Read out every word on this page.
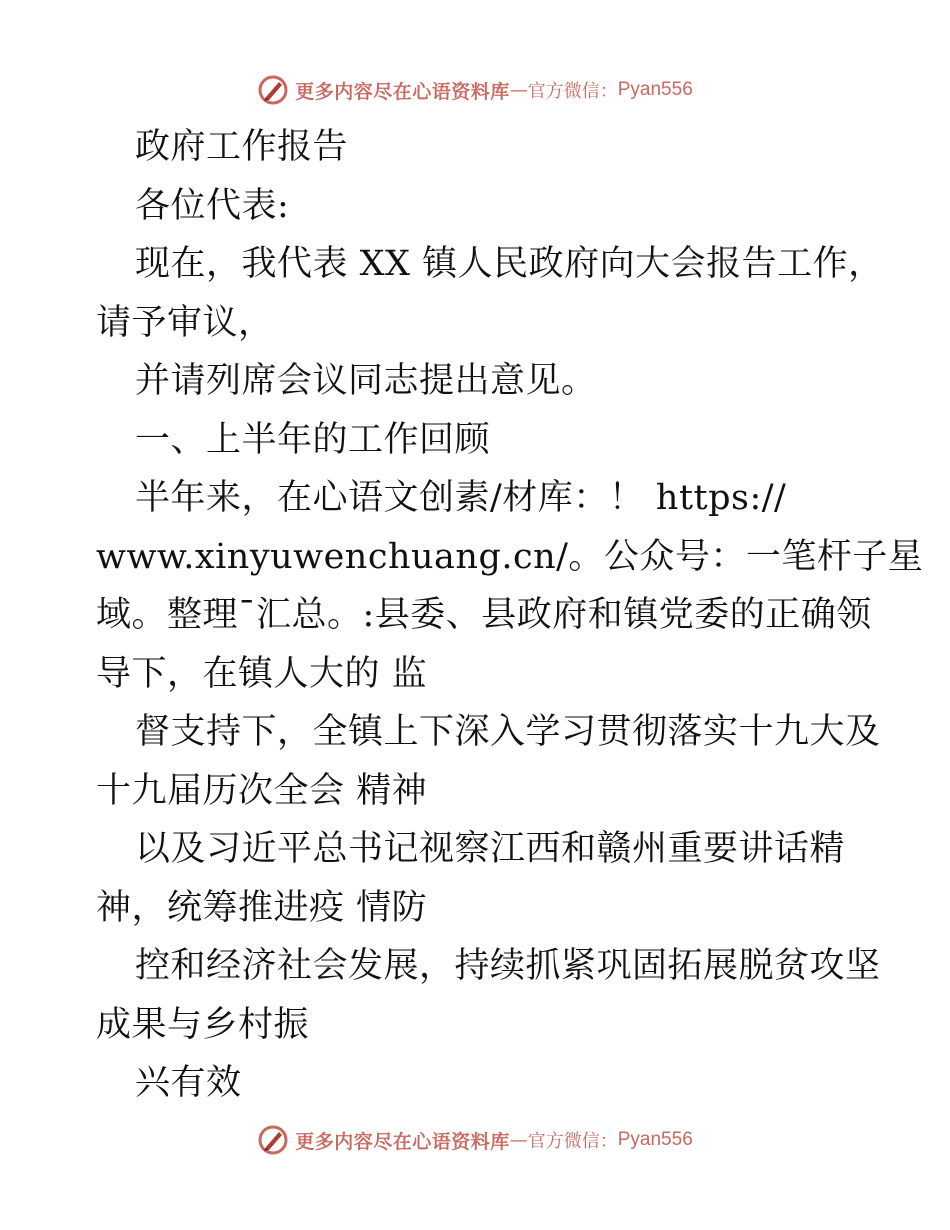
更多内容尽在心语资料库 — 官方微信： Pyan556
政府工作报告
各位代表:
现在，我代表 XX 镇人民政府向大会报告工作，
请予审议，
并请列席会议同志提出意见。
一、上半年的工作回顾
半年来，在心语文创素/材库：！ https://
www.xinyuwenchuang.cn/。公众号：一笔杆子星
域。整理¯汇总。:县委、县政府和镇党委的正确领
导下，在镇人大的 监
督支持下，全镇上下深入学习贯彻落实十九大及
十九届历次全会 精神
以及习近平总书记视察江西和赣州重要讲话精
神，统筹推进疫 情防
控和经济社会发展，持续抓紧巩固拓展脱贫攻坚
成果与乡村振
兴有效
更多内容尽在心语资料库 — 官方微信： Pyan556
